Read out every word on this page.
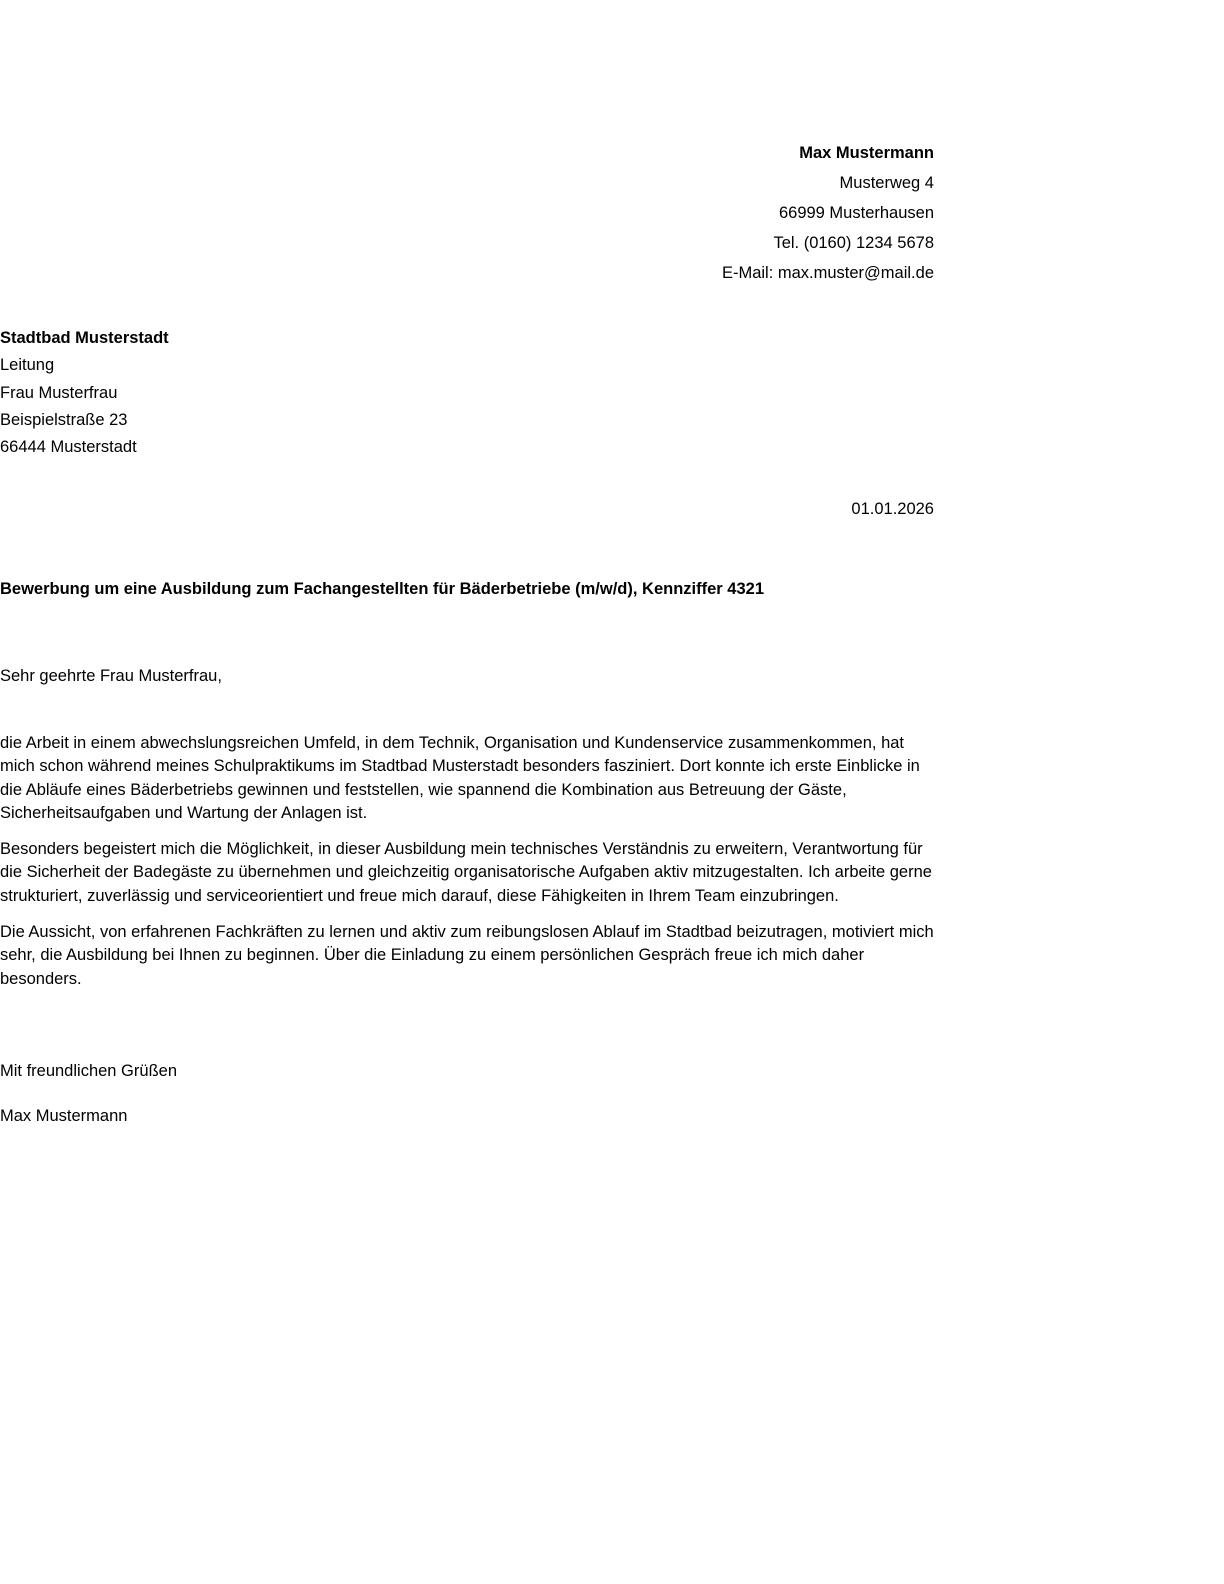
Max Mustermann
Musterweg 4
66999 Musterhausen
Tel. (0160) 1234 5678
E-Mail: max.muster@mail.de
Stadtbad Musterstadt
Leitung
Frau Musterfrau
Beispielstraße 23
66444 Musterstadt
01.01.2026
Bewerbung um eine Ausbildung zum Fachangestellten für Bäderbetriebe (m/w/d), Kennziffer 4321
Sehr geehrte Frau Musterfrau,

die Arbeit in einem abwechslungsreichen Umfeld, in dem Technik, Organisation und Kundenservice zusammenkommen, hat mich schon während meines Schulpraktikums im Stadtbad Musterstadt besonders fasziniert. Dort konnte ich erste Einblicke in die Abläufe eines Bäderbetriebs gewinnen und feststellen, wie spannend die Kombination aus Betreuung der Gäste, Sicherheitsaufgaben und Wartung der Anlagen ist.

Besonders begeistert mich die Möglichkeit, in dieser Ausbildung mein technisches Verständnis zu erweitern, Verantwortung für die Sicherheit der Badegäste zu übernehmen und gleichzeitig organisatorische Aufgaben aktiv mitzugestalten. Ich arbeite gerne strukturiert, zuverlässig und serviceorientiert und freue mich darauf, diese Fähigkeiten in Ihrem Team einzubringen.

Die Aussicht, von erfahrenen Fachkräften zu lernen und aktiv zum reibungslosen Ablauf im Stadtbad beizutragen, motiviert mich sehr, die Ausbildung bei Ihnen zu beginnen. Über die Einladung zu einem persönlichen Gespräch freue ich mich daher besonders.

Mit freundlichen Grüßen

Max Mustermann
